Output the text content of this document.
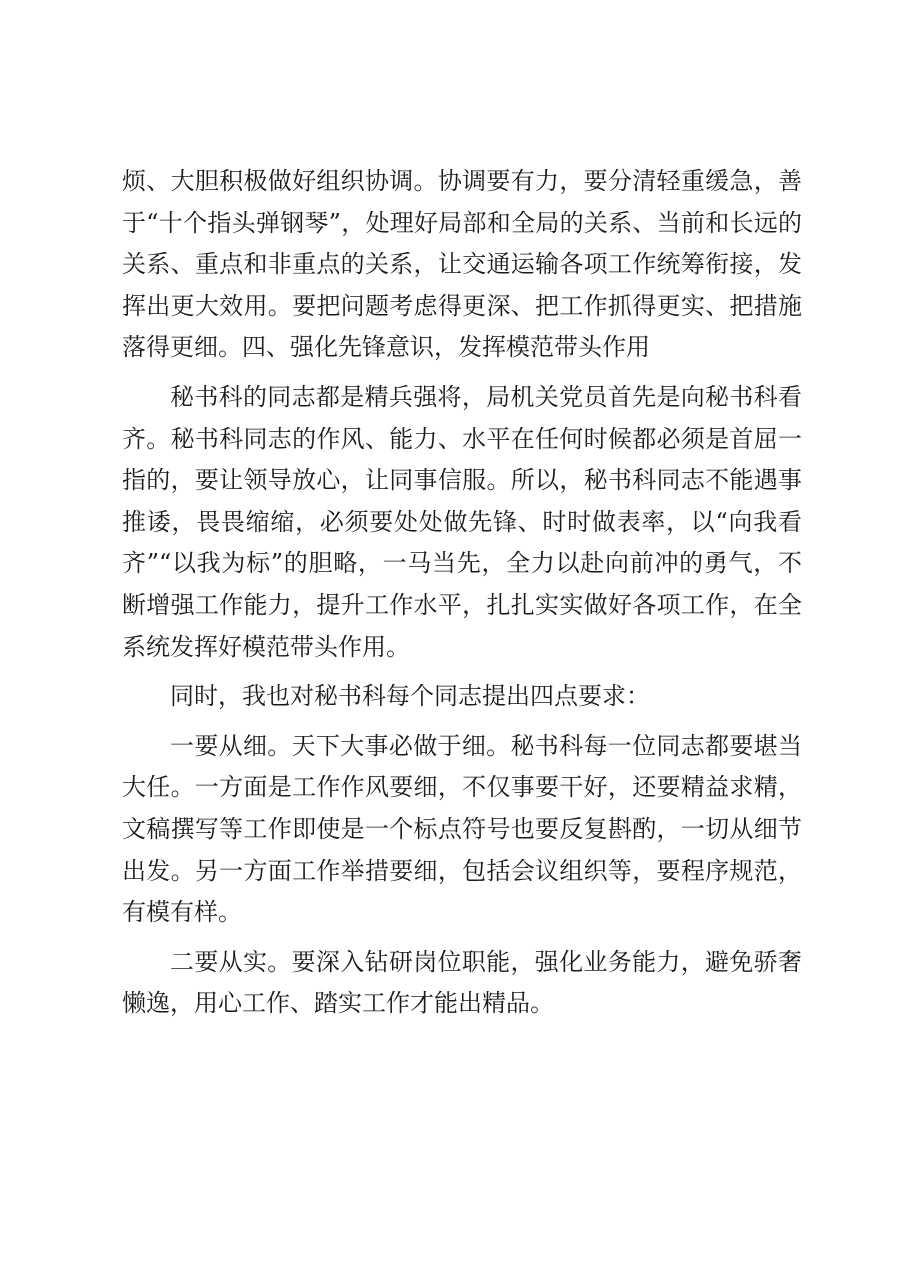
烦、大胆积极做好组织协调。协调要有力，要分清轻重缓急，善于“十个指头弹钢琴”，处理好局部和全局的关系、当前和长远的关系、重点和非重点的关系，让交通运输各项工作统筹衔接，发挥出更大效用。要把问题考虑得更深、把工作抓得更实、把措施落得更细。四、强化先锋意识，发挥模范带头作用

秘书科的同志都是精兵强将，局机关党员首先是向秘书科看齐。秘书科同志的作风、能力、水平在任何时候都必须是首屈一指的，要让领导放心，让同事信服。所以，秘书科同志不能遇事推诿，畏畏缩缩，必须要处处做先锋、时时做表率，以“向我看齐”“以我为标”的胆略，一马当先，全力以赴向前冲的勇气，不断增强工作能力，提升工作水平，扎扎实实做好各项工作，在全系统发挥好模范带头作用。

同时，我也对秘书科每个同志提出四点要求：

一要从细。天下大事必做于细。秘书科每一位同志都要堪当大任。一方面是工作作风要细，不仅事要干好，还要精益求精，文稿撰写等工作即使是一个标点符号也要反复斟酌，一切从细节出发。另一方面工作举措要细，包括会议组织等，要程序规范，有模有样。

二要从实。要深入钻研岗位职能，强化业务能力，避免骄奢懒逸，用心工作、踏实工作才能出精品。
